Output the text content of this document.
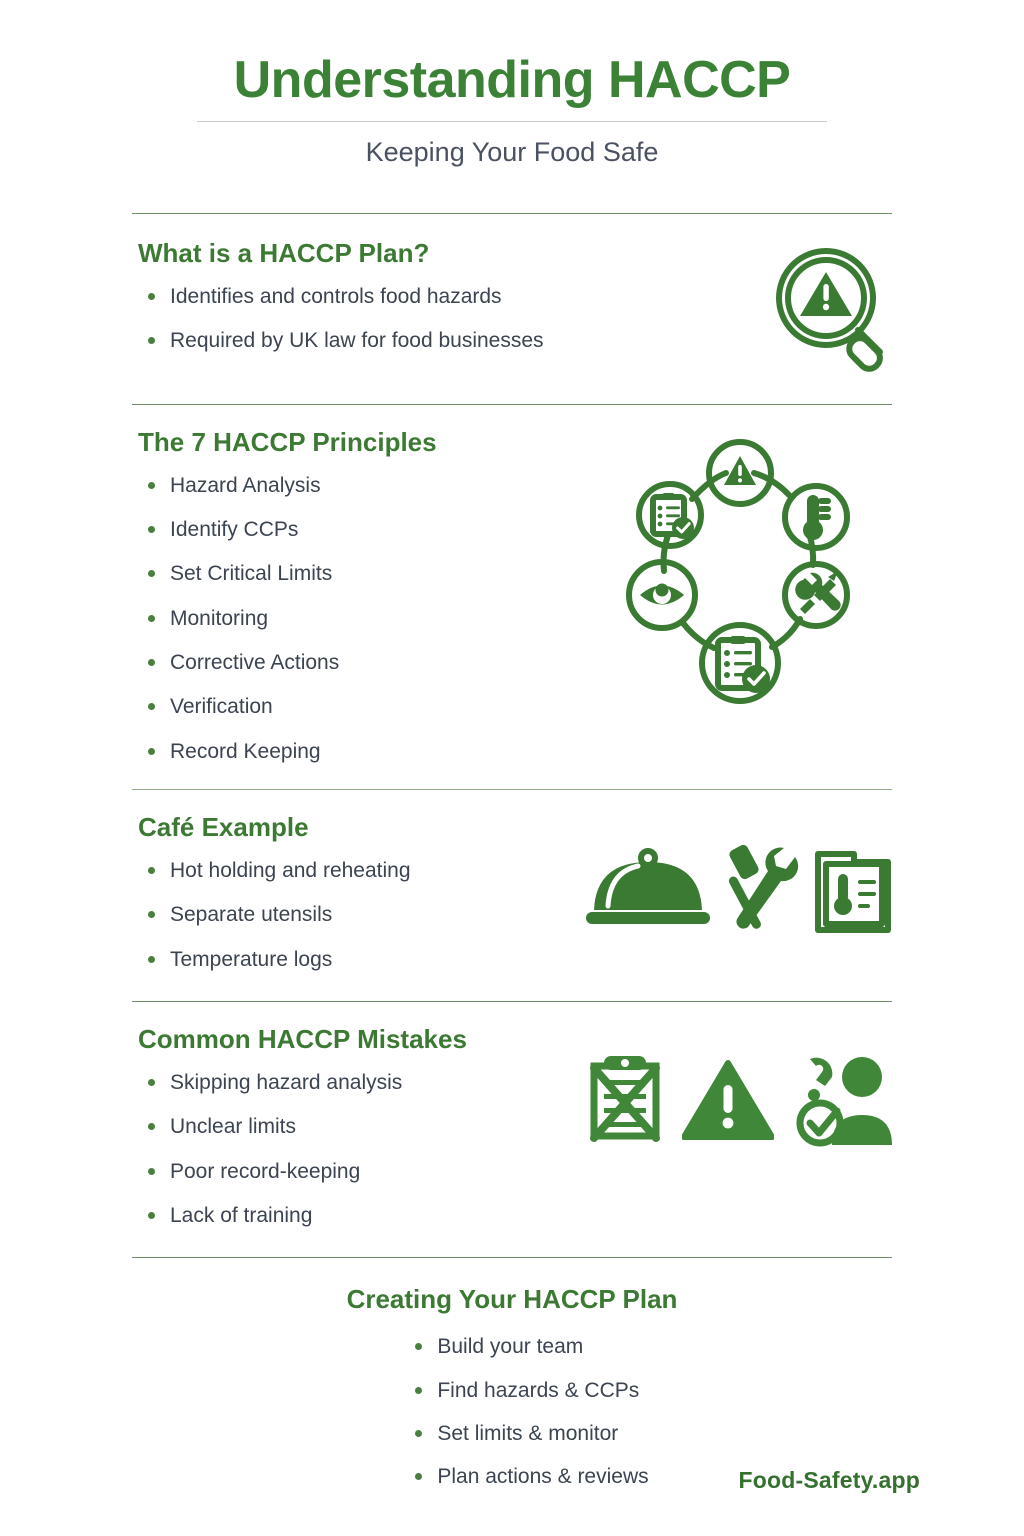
Understanding HACCP

Keeping Your Food Safe

What is a HACCP Plan?
Identifies and controls food hazards
Required by UK law for food businesses
The 7 HACCP Principles
Hazard Analysis
Identify CCPs
Set Critical Limits
Monitoring
Corrective Actions
Verification
Record Keeping
Café Example
Hot holding and reheating
Separate utensils
Temperature logs
Common HACCP Mistakes
Skipping hazard analysis
Unclear limits
Poor record-keeping
Lack of training
Creating Your HACCP Plan
Build your team
Find hazards & CCPs
Set limits & monitor
Plan actions & reviews	Food-Safety.app
